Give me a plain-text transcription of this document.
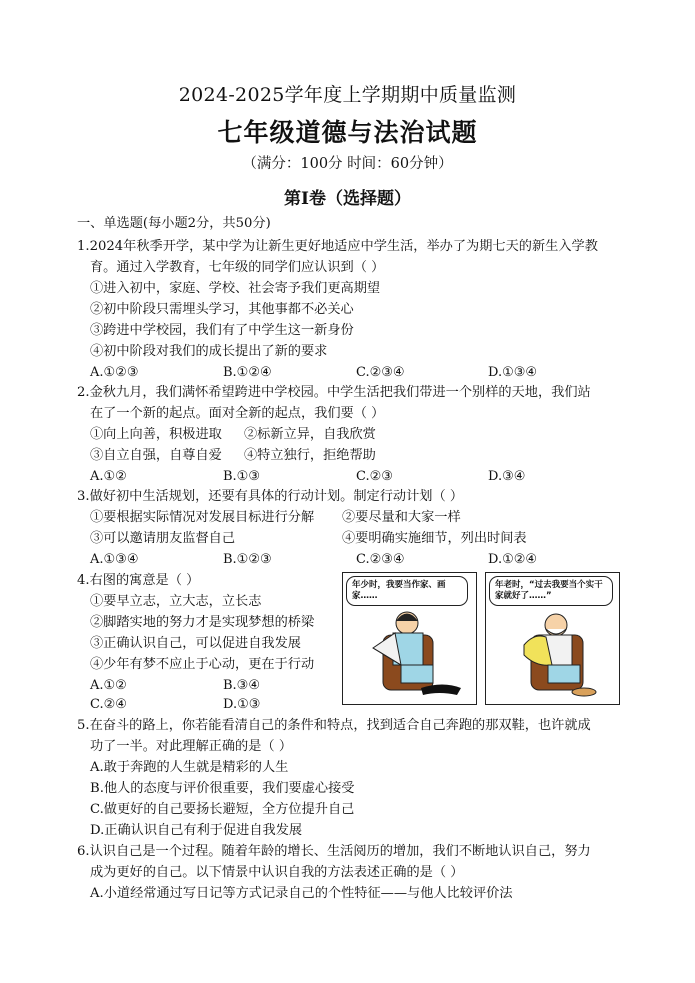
2024-2025学年度上学期期中质量监测
七年级道德与法治试题
（满分：100分 时间：60分钟）
第Ⅰ卷（选择题）
一、单选题(每小题2分，共50分)
1.2024年秋季开学，某中学为让新生更好地适应中学生活，举办了为期七天的新生入学教
育。通过入学教育，七年级的同学们应认识到（ ）
①进入初中，家庭、学校、社会寄予我们更高期望
②初中阶段只需埋头学习，其他事都不必关心
③跨进中学校园，我们有了中学生这一新身份
④初中阶段对我们的成长提出了新的要求
A.①②③	B.①②④	C.②③④	D.①③④
2.金秋九月，我们满怀希望跨进中学校园。中学生活把我们带进一个别样的天地，我们站
在了一个新的起点。面对全新的起点，我们要（ ）
①向上向善，积极进取 ②标新立异，自我欣赏
③自立自强，自尊自爱 ④特立独行，拒绝帮助
A.①②	B.①③	C.②③	D.③④
3.做好初中生活规划，还要有具体的行动计划。制定行动计划（ ）
①要根据实际情况对发展目标进行分解 ②要尽量和大家一样
③可以邀请朋友监督自己	④要明确实施细节，列出时间表
A.①③④	B.①②③	C.②③④	D.①②④
4.右图的寓意是（ ）
①要早立志，立大志，立长志
②脚踏实地的努力才是实现梦想的桥梁
③正确认识自己，可以促进自我发展
④少年有梦不应止于心动，更在于行动
A.①②	B.③④
C.②④	D.①③
年少时，我要当作家、画家……
年老时，“过去我要当个实干家就好了……”
5.在奋斗的路上，你若能看清自己的条件和特点，找到适合自己奔跑的那双鞋，也许就成
功了一半。对此理解正确的是（ ）
A.敢于奔跑的人生就是精彩的人生
B.他人的态度与评价很重要，我们要虚心接受
C.做更好的自己要扬长避短，全方位提升自己
D.正确认识自己有利于促进自我发展
6.认识自己是一个过程。随着年龄的增长、生活阅历的增加，我们不断地认识自己，努力
成为更好的自己。以下情景中认识自我的方法表述正确的是（ ）
A.小道经常通过写日记等方式记录自己的个性特征——与他人比较评价法
